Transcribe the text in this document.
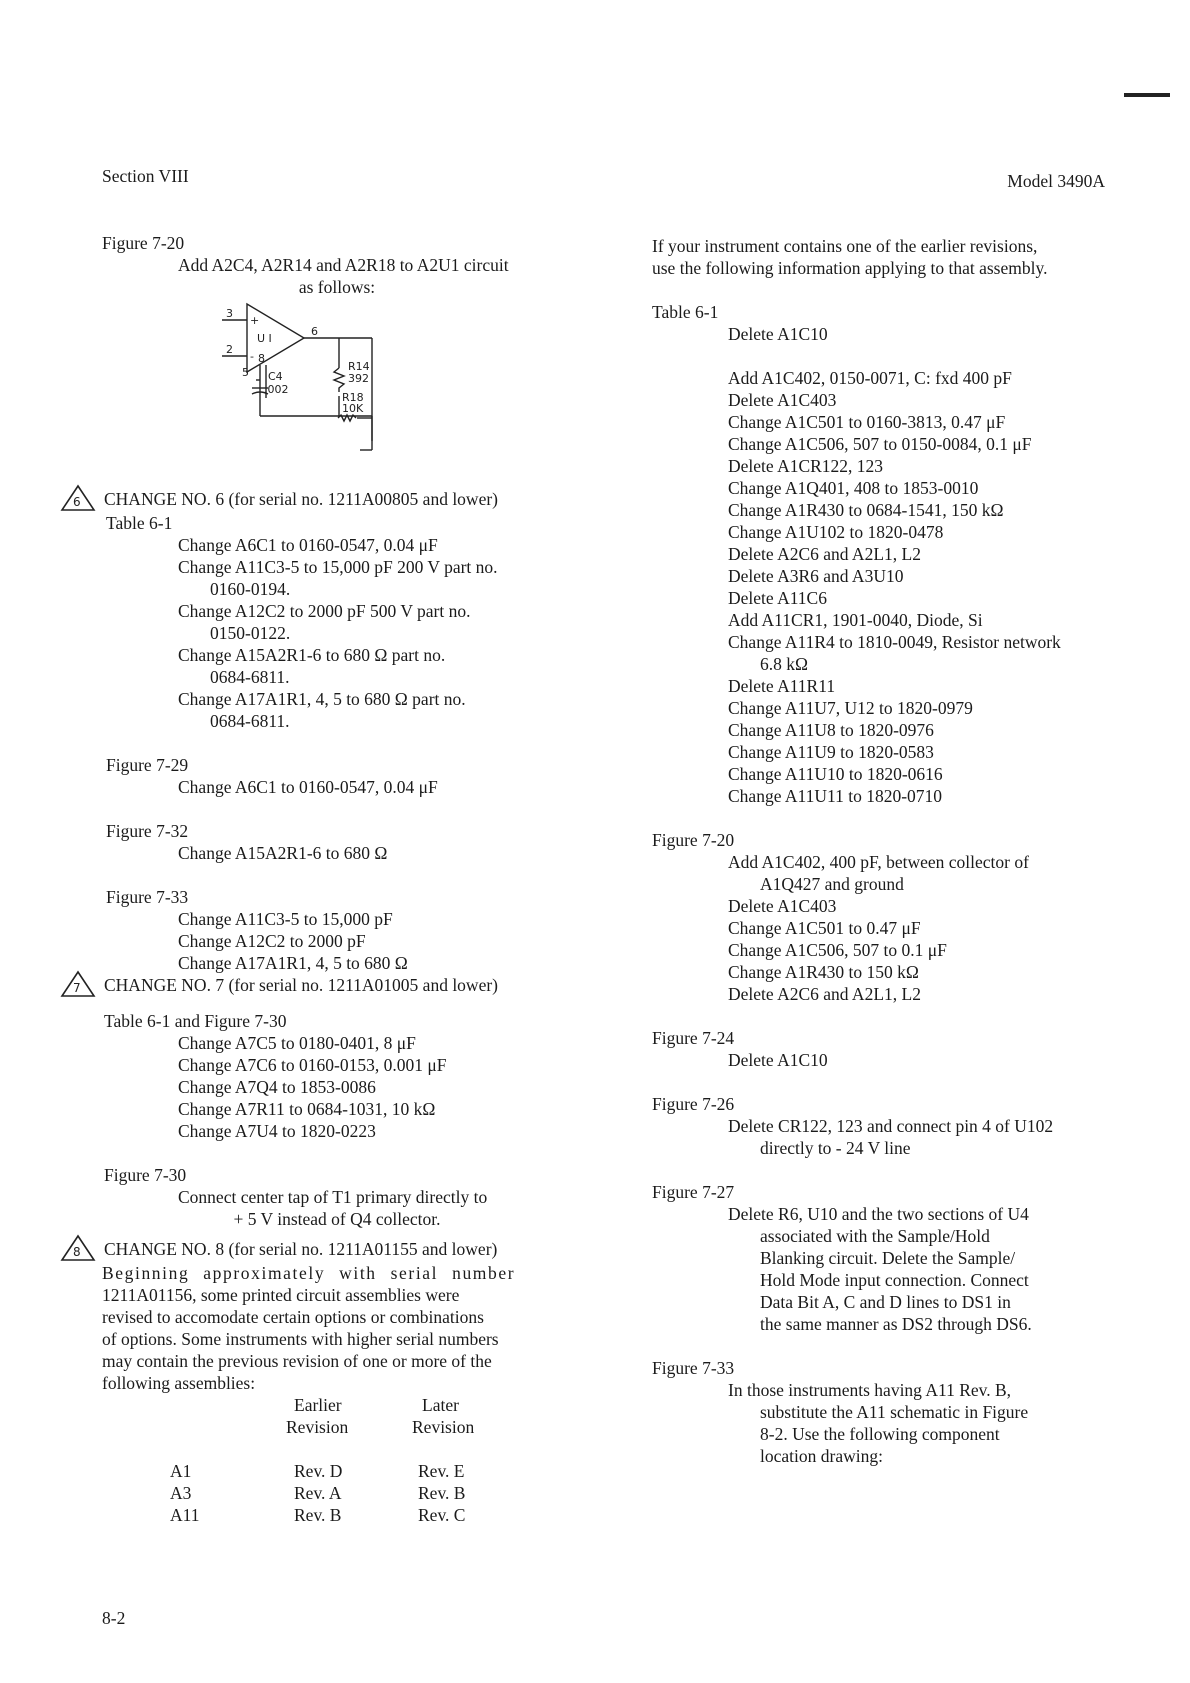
Section VIII	Model 3490A
Figure 7-20
Add A2C4, A2R14 and A2R18 to A2U1 circuit
as follows:
3
2
+
-
U I
6
8
5 C4
.002
R14
392
R18
10K
6 CHANGE NO. 6 (for serial no. 1211A00805 and lower)
Table 6-1
Change A6C1 to 0160-0547, 0.04 μF
Change A11C3-5 to 15,000 pF 200 V part no.
0160-0194.
Change A12C2 to 2000 pF 500 V part no.
0150-0122.
Change A15A2R1-6 to 680 Ω part no.
0684-6811.
Change A17A1R1, 4, 5 to 680 Ω part no.
0684-6811.
Figure 7-29
Change A6C1 to 0160-0547, 0.04 μF
Figure 7-32
Change A15A2R1-6 to 680 Ω
Figure 7-33
Change A11C3-5 to 15,000 pF
Change A12C2 to 2000 pF
Change A17A1R1, 4, 5 to 680 Ω
7 CHANGE NO. 7 (for serial no. 1211A01005 and lower)
Table 6-1 and Figure 7-30
Change A7C5 to 0180-0401, 8 μF
Change A7C6 to 0160-0153, 0.001 μF
Change A7Q4 to 1853-0086
Change A7R11 to 0684-1031, 10 kΩ
Change A7U4 to 1820-0223
Figure 7-30
Connect center tap of T1 primary directly to
+ 5 V instead of Q4 collector.
8 CHANGE NO. 8 (for serial no. 1211A01155 and lower)
Beginning approximately with serial number
1211A01156, some printed circuit assemblies were
revised to accomodate certain options or combinations
of options. Some instruments with higher serial numbers
may contain the previous revision of one or more of the
following assemblies:
Earlier
Revision
Later
Revision
A1	Rev. D	Rev. E
A3	Rev. A	Rev. B
A11	Rev. B	Rev. C
If your instrument contains one of the earlier revisions,
use the following information applying to that assembly.
Table 6-1
Delete A1C10
Add A1C402, 0150-0071, C: fxd 400 pF
Delete A1C403
Change A1C501 to 0160-3813, 0.47 μF
Change A1C506, 507 to 0150-0084, 0.1 μF
Delete A1CR122, 123
Change A1Q401, 408 to 1853-0010
Change A1R430 to 0684-1541, 150 kΩ
Change A1U102 to 1820-0478
Delete A2C6 and A2L1, L2
Delete A3R6 and A3U10
Delete A11C6
Add A11CR1, 1901-0040, Diode, Si
Change A11R4 to 1810-0049, Resistor network
6.8 kΩ
Delete A11R11
Change A11U7, U12 to 1820-0979
Change A11U8 to 1820-0976
Change A11U9 to 1820-0583
Change A11U10 to 1820-0616
Change A11U11 to 1820-0710
Figure 7-20
Add A1C402, 400 pF, between collector of
A1Q427 and ground
Delete A1C403
Change A1C501 to 0.47 μF
Change A1C506, 507 to 0.1 μF
Change A1R430 to 150 kΩ
Delete A2C6 and A2L1, L2
Figure 7-24
Delete A1C10
Figure 7-26
Delete CR122, 123 and connect pin 4 of U102
directly to - 24 V line
Figure 7-27
Delete R6, U10 and the two sections of U4
associated with the Sample/Hold
Blanking circuit. Delete the Sample/
Hold Mode input connection. Connect
Data Bit A, C and D lines to DS1 in
the same manner as DS2 through DS6.
Figure 7-33
In those instruments having A11 Rev. B,
substitute the A11 schematic in Figure
8-2. Use the following component
location drawing:
8-2
